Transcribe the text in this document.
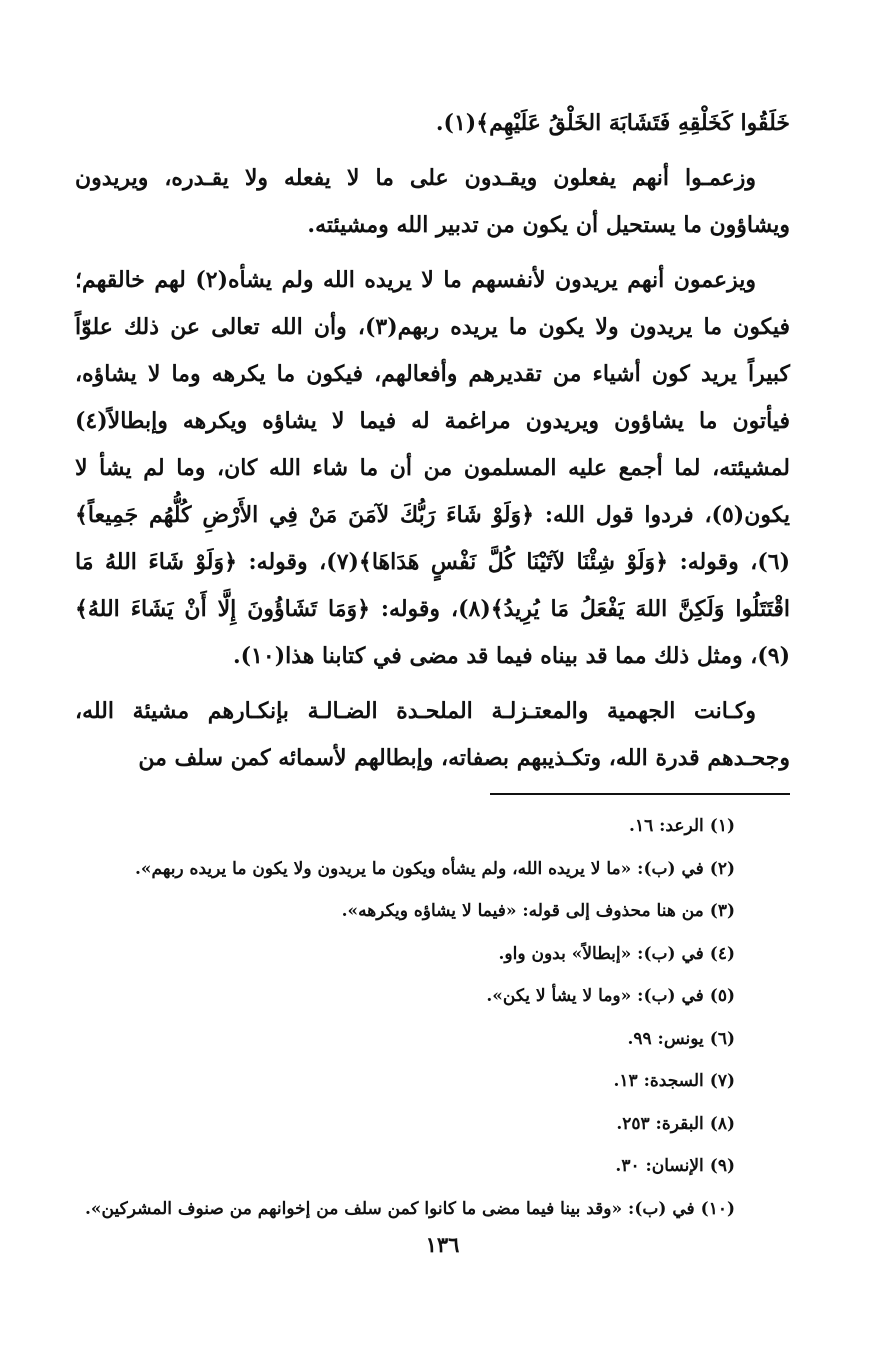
خَلَقُوا كَخَلْقِهِ فَتَشَابَهَ الخَلْقُ عَلَيْهِم﴾(١).

وزعمـوا أنهم يفعلون ويقـدون على ما لا يفعله ولا يقـدره، ويريدون ويشاؤون ما يستحيل أن يكون من تدبير الله ومشيئته.

ويزعمون أنهم يريدون لأنفسهم ما لا يريده الله ولم يشأه(٢) لهم خالقهم؛ فيكون ما يريدون ولا يكون ما يريده ربهم(٣)، وأن الله تعالى عن ذلك علوّاً كبيراً يريد كون أشياء من تقديرهم وأفعالهم، فيكون ما يكرهه وما لا يشاؤه، فيأتون ما يشاؤون ويريدون مراغمة له فيما لا يشاؤه ويكرهه وإبطالاً(٤) لمشيئته، لما أجمع عليه المسلمون من أن ما شاء الله كان، وما لم يشأ لا يكون(٥)، فردوا قول الله: ﴿وَلَوْ شَاءَ رَبُّكَ لآمَنَ مَنْ فِي الأَرْضِ كُلُّهُم جَمِيعاً﴾(٦)، وقوله: ﴿وَلَوْ شِئْنَا لآتَيْنَا كُلَّ نَفْسٍ هَدَاهَا﴾(٧)، وقوله: ﴿وَلَوْ شَاءَ اللهُ مَا اقْتَتَلُوا وَلَكِنَّ اللهَ يَفْعَلُ مَا يُرِيدُ﴾(٨)، وقوله: ﴿وَمَا تَشَاؤُونَ إِلَّا أَنْ يَشَاءَ اللهُ﴾(٩)، ومثل ذلك مما قد بيناه فيما قد مضى في كتابنا هذا(١٠).

وكـانت الجهمية والمعتـزلـة الملحـدة الضـالـة بإنكـارهم مشيئة الله، وجحـدهم قدرة الله، وتكـذيبهم بصفاته، وإبطالهم لأسمائه كمن سلف من

(١)الرعد: ١٦.
(٢)في (ب): «ما لا يريده الله، ولم يشأه ويكون ما يريدون ولا يكون ما يريده ربهم».
(٣)من هنا محذوف إلى قوله: «فيما لا يشاؤه ويكرهه».
(٤)في (ب): «إبطالاً» بدون واو.
(٥)في (ب): «وما لا يشأ لا يكن».
(٦)يونس: ٩٩.
(٧)السجدة: ١٣.
(٨)البقرة: ٢٥٣.
(٩)الإنسان: ٣٠.
(١٠)في (ب): «وقد بينا فيما مضى ما كانوا كمن سلف من إخوانهم من صنوف المشركين».
١٣٦
